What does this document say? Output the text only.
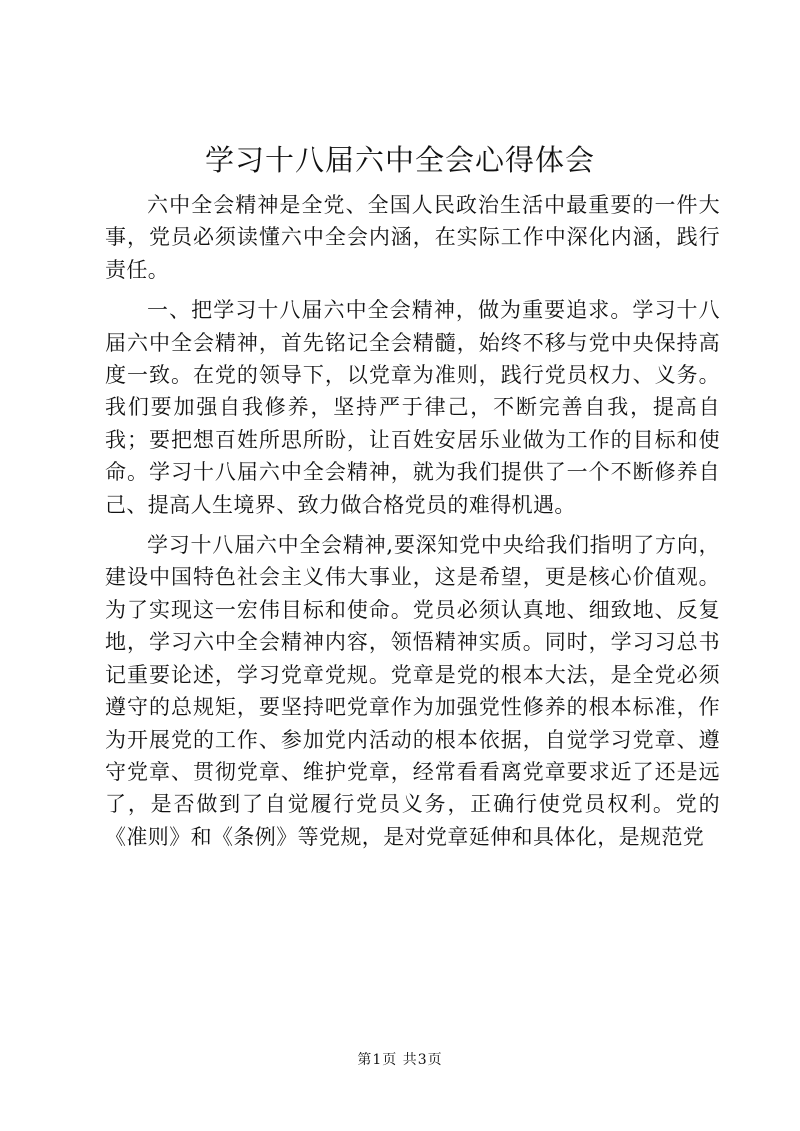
学习十八届六中全会心得体会

六中全会精神是全党、全国人民政治生活中最重要的一件大事，党员必须读懂六中全会内涵，在实际工作中深化内涵，践行责任。

一、把学习十八届六中全会精神，做为重要追求。学习十八届六中全会精神，首先铭记全会精髓，始终不移与党中央保持高度一致。在党的领导下，以党章为准则，践行党员权力、义务。我们要加强自我修养，坚持严于律己，不断完善自我，提高自我；要把想百姓所思所盼，让百姓安居乐业做为工作的目标和使命。学习十八届六中全会精神，就为我们提供了一个不断修养自己、提高人生境界、致力做合格党员的难得机遇。

学习十八届六中全会精神,要深知党中央给我们指明了方向，建设中国特色社会主义伟大事业，这是希望，更是核心价值观。为了实现这一宏伟目标和使命。党员必须认真地、细致地、反复地，学习六中全会精神内容，领悟精神实质。同时，学习习总书记重要论述，学习党章党规。党章是党的根本大法，是全党必须遵守的总规矩，要坚持吧党章作为加强党性修养的根本标准，作为开展党的工作、参加党内活动的根本依据，自觉学习党章、遵守党章、贯彻党章、维护党章，经常看看离党章要求近了还是远了，是否做到了自觉履行党员义务，正确行使党员权利。党的《准则》和《条例》等党规，是对党章延伸和具体化，是规范党

第1页 共3页
